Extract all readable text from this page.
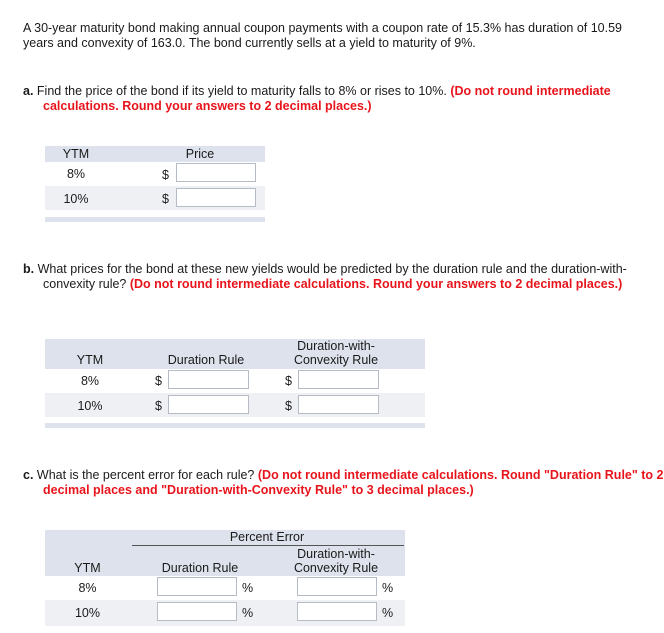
A 30-year maturity bond making annual coupon payments with a coupon rate of 15.3% has duration of 10.59 years and convexity of 163.0. The bond currently sells at a yield to maturity of 9%.
a. Find the price of the bond if its yield to maturity falls to 8% or rises to 10%. (Do not round intermediate calculations. Round your answers to 2 decimal places.)
YTM	Price
8%	$
10%	$
b. What prices for the bond at these new yields would be predicted by the duration rule and the duration-with-convexity rule? (Do not round intermediate calculations. Round your answers to 2 decimal places.)
YTM	Duration Rule
Duration-with-
Convexity Rule
8%	$	$
10%	$	$
c. What is the percent error for each rule? (Do not round intermediate calculations. Round "Duration Rule" to 2 decimal places and "Duration-with-Convexity Rule" to 3 decimal places.)
Percent Error
YTM	Duration Rule
Duration-with-
Convexity Rule
8%	%	%
10%	%	%
